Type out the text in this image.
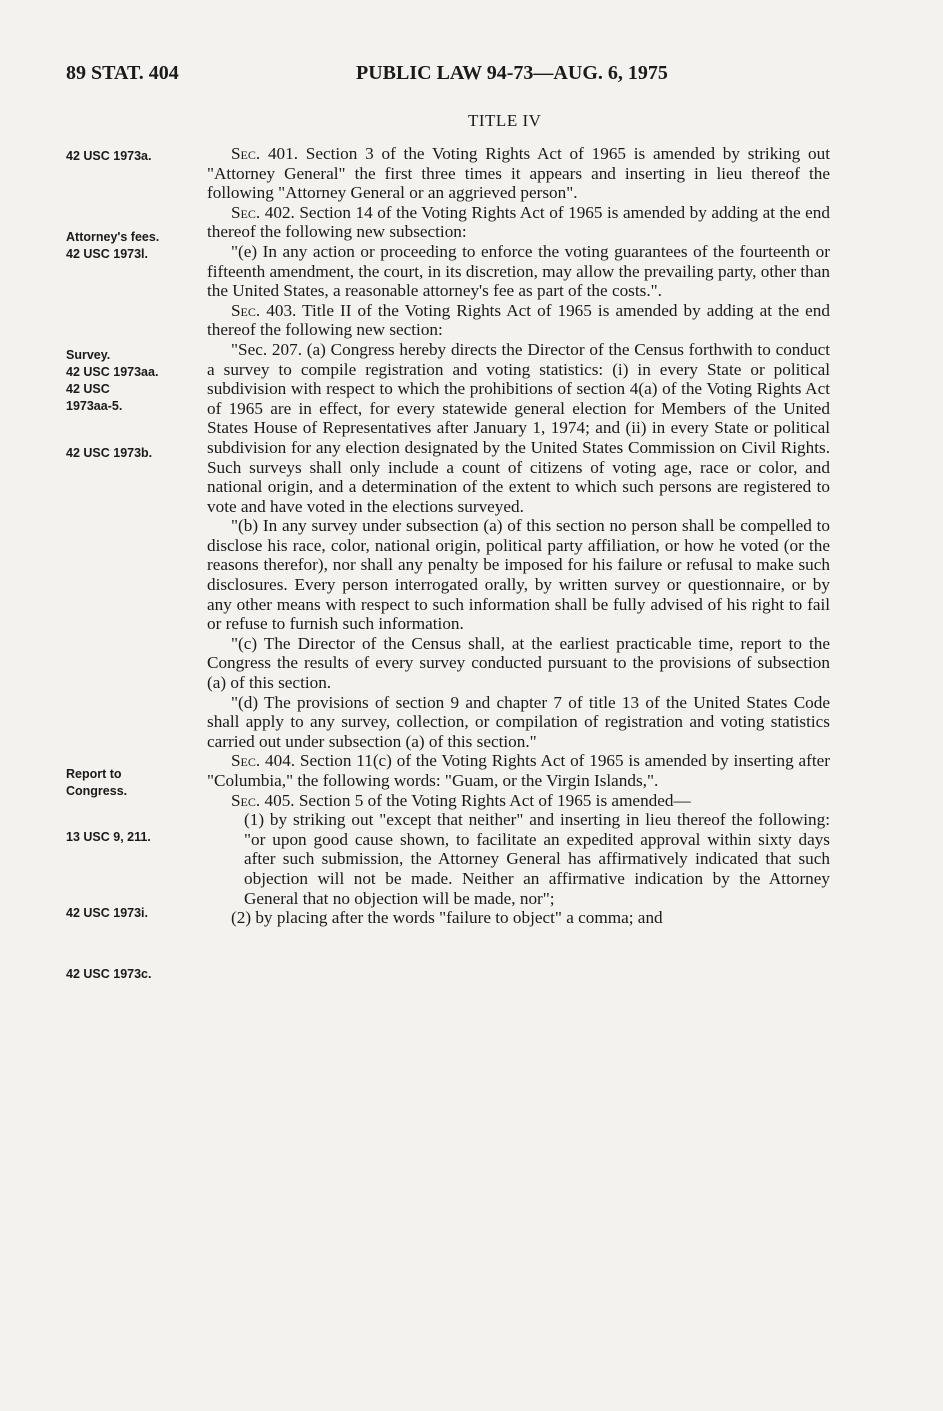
89 STAT. 404	PUBLIC LAW 94-73—AUG. 6, 1975
TITLE IV
42 USC 1973a.
Attorney's fees.
42 USC 1973l.
Survey.
42 USC 1973aa.
42 USC
1973aa-5.
42 USC 1973b.
Report to
Congress.
13 USC 9, 211.
42 USC 1973i.
42 USC 1973c.

Sec. 401. Section 3 of the Voting Rights Act of 1965 is amended by striking out "Attorney General" the first three times it appears and inserting in lieu thereof the following "Attorney General or an aggrieved person".

Sec. 402. Section 14 of the Voting Rights Act of 1965 is amended by adding at the end thereof the following new subsection:

"(e) In any action or proceeding to enforce the voting guarantees of the fourteenth or fifteenth amendment, the court, in its discretion, may allow the prevailing party, other than the United States, a reasonable attorney's fee as part of the costs.".

Sec. 403. Title II of the Voting Rights Act of 1965 is amended by adding at the end thereof the following new section:

"Sec. 207. (a) Congress hereby directs the Director of the Census forthwith to conduct a survey to compile registration and voting statistics: (i) in every State or political subdivision with respect to which the prohibitions of section 4(a) of the Voting Rights Act of 1965 are in effect, for every statewide general election for Members of the United States House of Representatives after January 1, 1974; and (ii) in every State or political subdivision for any election designated by the United States Commission on Civil Rights. Such surveys shall only include a count of citizens of voting age, race or color, and national origin, and a determination of the extent to which such persons are registered to vote and have voted in the elections surveyed.

"(b) In any survey under subsection (a) of this section no person shall be compelled to disclose his race, color, national origin, political party affiliation, or how he voted (or the reasons therefor), nor shall any penalty be imposed for his failure or refusal to make such disclosures. Every person interrogated orally, by written survey or questionnaire, or by any other means with respect to such information shall be fully advised of his right to fail or refuse to furnish such information.

"(c) The Director of the Census shall, at the earliest practicable time, report to the Congress the results of every survey conducted pursuant to the provisions of subsection (a) of this section.

"(d) The provisions of section 9 and chapter 7 of title 13 of the United States Code shall apply to any survey, collection, or compilation of registration and voting statistics carried out under subsection (a) of this section."

Sec. 404. Section 11(c) of the Voting Rights Act of 1965 is amended by inserting after "Columbia," the following words: "Guam, or the Virgin Islands,".

Sec. 405. Section 5 of the Voting Rights Act of 1965 is amended—

(1) by striking out "except that neither" and inserting in lieu thereof the following: "or upon good cause shown, to facilitate an expedited approval within sixty days after such submission, the Attorney General has affirmatively indicated that such objection will not be made. Neither an affirmative indication by the Attorney General that no objection will be made, nor";

(2) by placing after the words "failure to object" a comma; and
